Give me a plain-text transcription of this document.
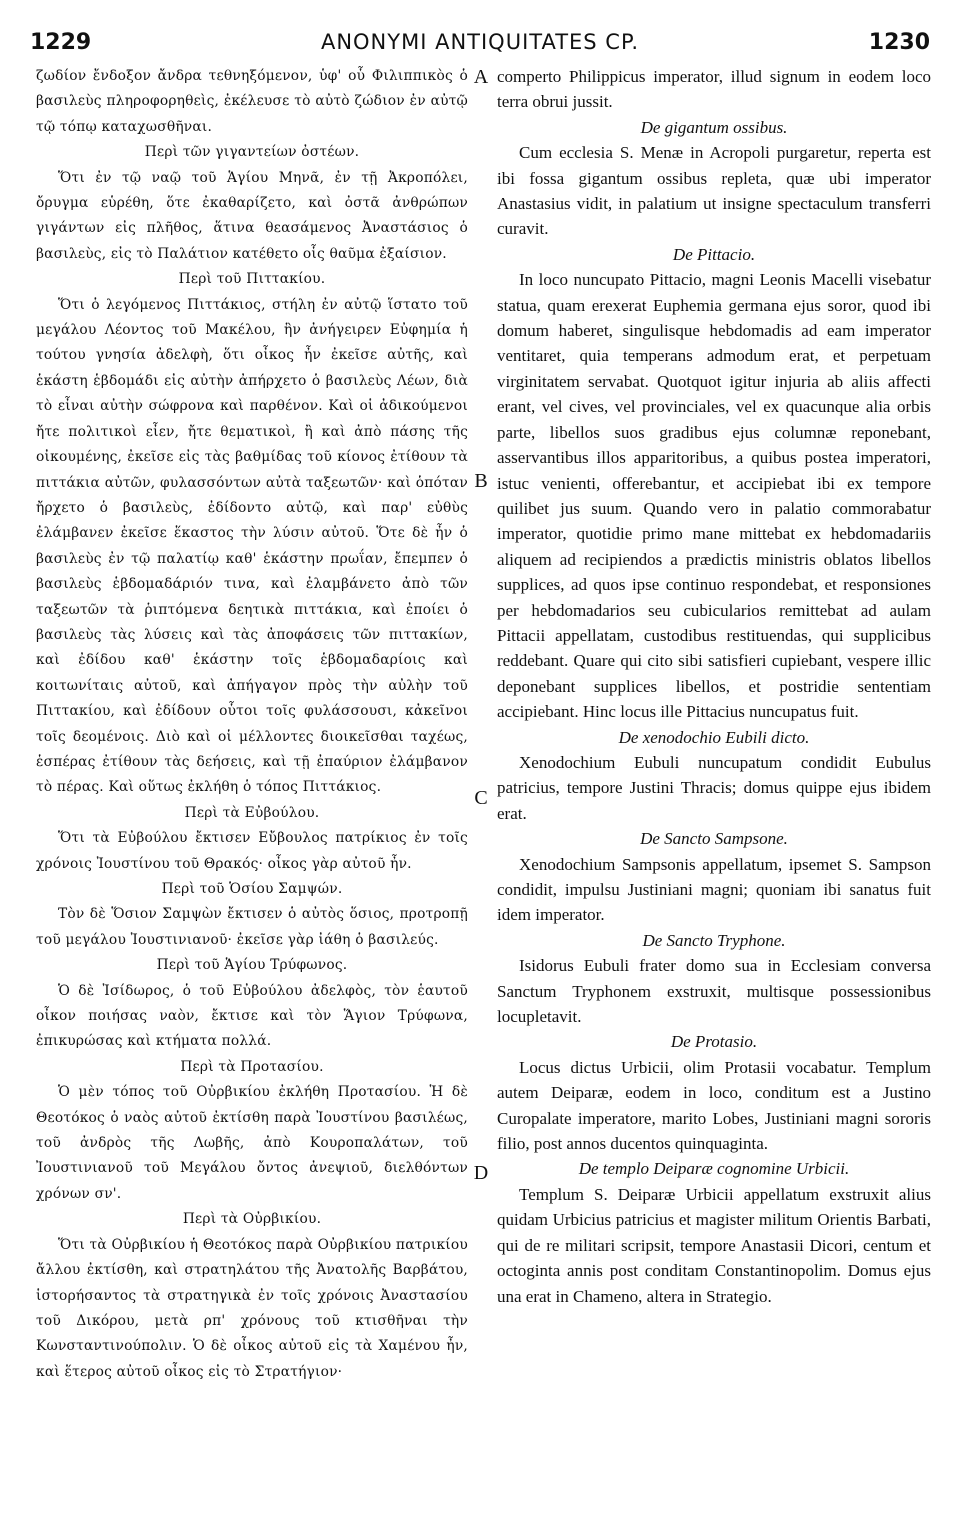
1229	ANONYMI ANTIQUITATES CP.	1230

ζωδίον ἔνδοξον ἄνδρα τεθνηξόμενον, ὑφ' οὗ Φιλιππικὸς ὁ βασιλεὺς πληροφορηθεὶς, ἐκέλευσε τὸ αὐτὸ ζώδιον ἐν αὐτῷ τῷ τόπῳ καταχωσθῆναι.

Περὶ τῶν γιγαντείων ὀστέων.

Ὅτι ἐν τῷ ναῷ τοῦ Ἁγίου Μηνᾶ, ἐν τῇ Ἀκροπόλει, ὄρυγμα εὑρέθη, ὅτε ἐκαθαρίζετο, καὶ ὀστᾶ ἀνθρώπων γιγάντων εἰς πλῆθος, ἅτινα θεασάμενος Ἀναστάσιος ὁ βασιλεὺς, εἰς τὸ Παλάτιον κατέθετο οἷς θαῦμα ἐξαίσιον.

Περὶ τοῦ Πιττακίου.

Ὅτι ὁ λεγόμενος Πιττάκιος, στήλη ἐν αὐτῷ ἵστατο τοῦ μεγάλου Λέοντος τοῦ Μακέλου, ἣν ἀνήγειρεν Εὐφημία ἡ τούτου γνησία ἀδελφὴ, ὅτι οἶκος ἦν ἐκεῖσε αὐτῆς, καὶ ἑκάστη ἑβδομάδι εἰς αὐτὴν ἀπήρχετο ὁ βασιλεὺς Λέων, διὰ τὸ εἶναι αὐτὴν σώφρονα καὶ παρθένον. Καὶ οἱ ἀδικούμενοι ἤτε πολιτικοὶ εἶεν, ἤτε θεματικοὶ, ἢ καὶ ἀπὸ πάσης τῆς οἰκουμένης, ἐκεῖσε εἰς τὰς βαθμίδας τοῦ κίονος ἐτίθουν τὰ πιττάκια αὐτῶν, φυλασσόντων αὐτὰ ταξεωτῶν· καὶ ὁπόταν ἤρχετο ὁ βασιλεὺς, ἐδίδοντο αὐτῷ, καὶ παρ' εὐθὺς ἐλάμβανεν ἐκεῖσε ἕκαστος τὴν λύσιν αὐτοῦ. Ὅτε δὲ ἦν ὁ βασιλεὺς ἐν τῷ παλατίῳ καθ' ἑκάστην πρωΐαν, ἔπεμπεν ὁ βασιλεὺς ἑβδομαδάριόν τινα, καὶ ἐλαμβάνετο ἀπὸ τῶν ταξεωτῶν τὰ ῥιπτόμενα δεητικὰ πιττάκια, καὶ ἐποίει ὁ βασιλεὺς τὰς λύσεις καὶ τὰς ἀποφάσεις τῶν πιττακίων, καὶ ἐδίδου καθ' ἑκάστην τοῖς ἑβδομαδαρίοις καὶ κοιτωνίταις αὐτοῦ, καὶ ἀπήγαγον πρὸς τὴν αὐλὴν τοῦ Πιττακίου, καὶ ἐδίδουν οὗτοι τοῖς φυλάσσουσι, κἀκεῖνοι τοῖς δεομένοις. Διὸ καὶ οἱ μέλλοντες διοικεῖσθαι ταχέως, ἑσπέρας ἐτίθουν τὰς δεήσεις, καὶ τῇ ἐπαύριον ἐλάμβανον τὸ πέρας. Καὶ οὕτως ἐκλήθη ὁ τόπος Πιττάκιος.

Περὶ τὰ Εὐβούλου.

Ὅτι τὰ Εὐβούλου ἔκτισεν Εὔβουλος πατρίκιος ἐν τοῖς χρόνοις Ἰουστίνου τοῦ Θρακός· οἶκος γὰρ αὐτοῦ ἦν.

Περὶ τοῦ Ὁσίου Σαμψών.

Τὸν δὲ Ὅσιον Σαμψὼν ἔκτισεν ὁ αὐτὸς ὅσιος, προτροπῇ τοῦ μεγάλου Ἰουστινιανοῦ· ἐκεῖσε γὰρ ἰάθη ὁ βασιλεύς.

Περὶ τοῦ Ἁγίου Τρύφωνος.

Ὁ δὲ Ἰσίδωρος, ὁ τοῦ Εὐβούλου ἀδελφὸς, τὸν ἑαυτοῦ οἶκον ποιήσας ναὸν, ἔκτισε καὶ τὸν Ἅγιον Τρύφωνα, ἐπικυρώσας καὶ κτήματα πολλά.

Περὶ τὰ Προτασίου.

Ὁ μὲν τόπος τοῦ Οὐρβικίου ἐκλήθη Προτασίου. Ἡ δὲ Θεοτόκος ὁ ναὸς αὐτοῦ ἐκτίσθη παρὰ Ἰουστίνου βασιλέως, τοῦ ἀνδρὸς τῆς Λωβῆς, ἀπὸ Κουροπαλάτων, τοῦ Ἰουστινιανοῦ τοῦ Μεγάλου ὄντος ἀνεψιοῦ, διελθόντων χρόνων σν'.

Περὶ τὰ Οὐρβικίου.

Ὅτι τὰ Οὐρβικίου ἡ Θεοτόκος παρὰ Οὐρβικίου πατρικίου ἄλλου ἐκτίσθη, καὶ στρατηλάτου τῆς Ἀνατολῆς Βαρβάτου, ἱστορήσαντος τὰ στρατηγικὰ ἐν τοῖς χρόνοις Ἀναστασίου τοῦ Δικόρου, μετὰ ρπ' χρόνους τοῦ κτισθῆναι τὴν Κωνσταντινούπολιν. Ὁ δὲ οἶκος αὐτοῦ εἰς τὰ Χαμένου ἦν, καὶ ἕτερος αὐτοῦ οἶκος εἰς τὸ Στρατήγιον·

A
B
C
D

comperto Philippicus imperator, illud signum in eodem loco terra obrui jussit.

De gigantum ossibus.

Cum ecclesia S. Menæ in Acropoli purgaretur, reperta est ibi fossa gigantum ossibus repleta, quæ ubi imperator Anastasius vidit, in palatium ut insigne spectaculum transferri curavit.

De Pittacio.

In loco nuncupato Pittacio, magni Leonis Macelli visebatur statua, quam erexerat Euphemia germana ejus soror, quod ibi domum haberet, singulisque hebdomadis ad eam imperator ventitaret, quia temperans admodum erat, et perpetuam virginitatem servabat. Quotquot igitur injuria ab aliis affecti erant, vel cives, vel provinciales, vel ex quacunque alia orbis parte, libellos suos gradibus ejus columnæ reponebant, asservantibus illos apparitoribus, a quibus postea imperatori, istuc venienti, offerebantur, et accipiebat ibi ex tempore quilibet jus suum. Quando vero in palatio commorabatur imperator, quotidie primo mane mittebat ex hebdomadariis aliquem ad recipiendos a prædictis ministris oblatos libellos supplices, ad quos ipse continuo respondebat, et responsiones per hebdomadarios seu cubicularios remittebat ad aulam Pittacii appellatam, custodibus restituendas, qui supplicibus reddebant. Quare qui cito sibi satisfieri cupiebant, vespere illic deponebant supplices libellos, et postridie sententiam accipiebant. Hinc locus ille Pittacius nuncupatus fuit.

De xenodochio Eubili dicto.

Xenodochium Eubuli nuncupatum condidit Eubulus patricius, tempore Justini Thracis; domus quippe ejus ibidem erat.

De Sancto Sampsone.

Xenodochium Sampsonis appellatum, ipsemet S. Sampson condidit, impulsu Justiniani magni; quoniam ibi sanatus fuit idem imperator.

De Sancto Tryphone.

Isidorus Eubuli frater domo sua in Ecclesiam conversa Sanctum Tryphonem exstruxit, multisque possessionibus locupletavit.

De Protasio.

Locus dictus Urbicii, olim Protasii vocabatur. Templum autem Deiparæ, eodem in loco, conditum est a Justino Curopalate imperatore, marito Lobes, Justiniani magni sororis filio, post annos ducentos quinquaginta.

De templo Deiparæ cognomine Urbicii.

Templum S. Deiparæ Urbicii appellatum exstruxit alius quidam Urbicius patricius et magister militum Orientis Barbati, qui de re militari scripsit, tempore Anastasii Dicori, centum et octoginta annis post conditam Constantinopolim. Domus ejus una erat in Chameno, altera in Strategio.
